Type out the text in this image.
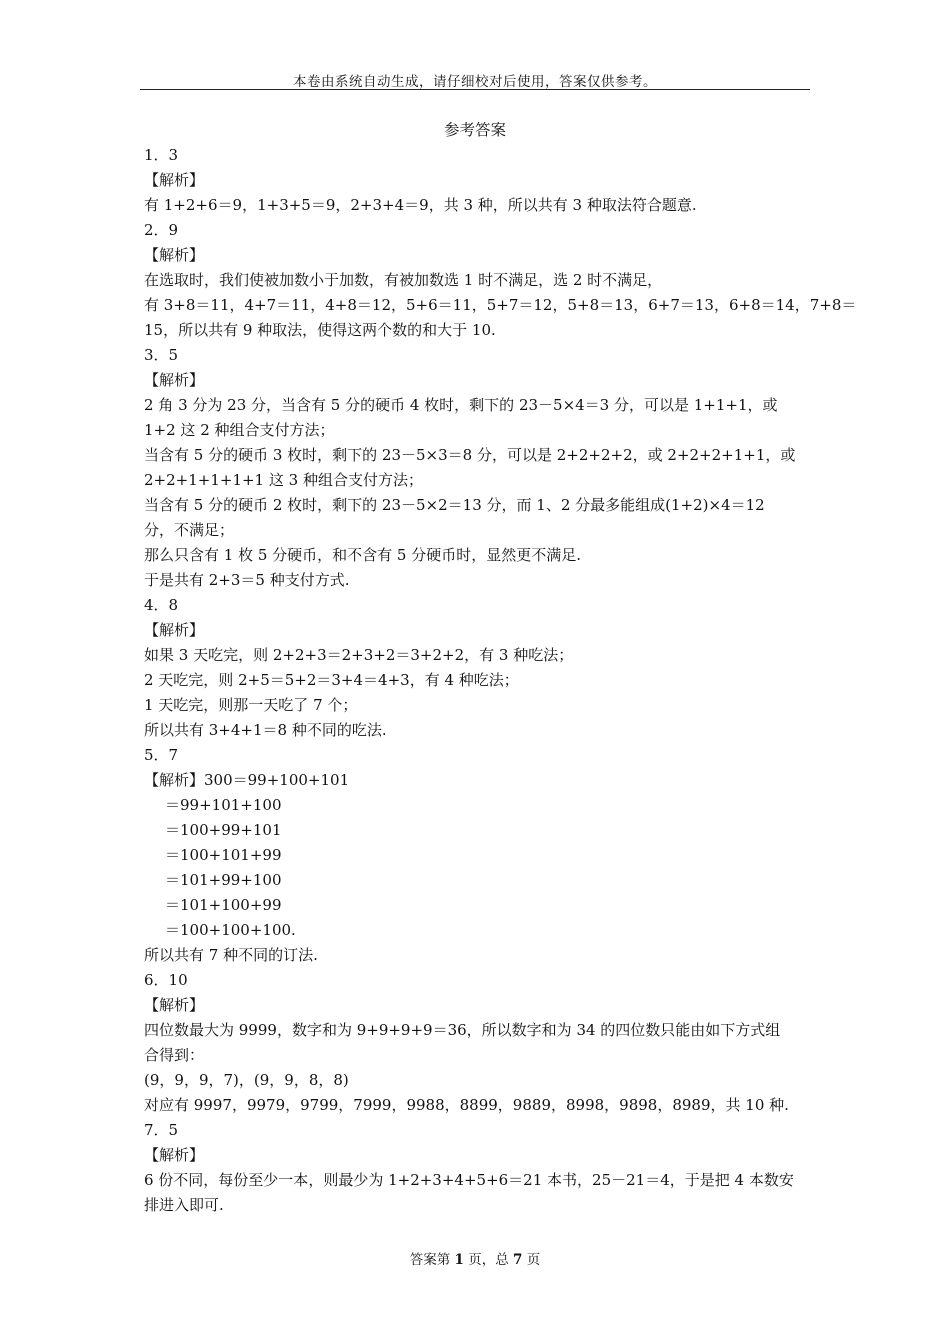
本卷由系统自动生成，请仔细校对后使用，答案仅供参考。
参考答案
1．3
【解析】
有 1+2+6＝9，1+3+5＝9，2+3+4＝9，共 3 种，所以共有 3 种取法符合题意.
2．9
【解析】
在选取时，我们使被加数小于加数，有被加数选 1 时不满足，选 2 时不满足，
有 3+8＝11，4+7＝11，4+8＝12，5+6＝11，5+7＝12，5+8＝13，6+7＝13，6+8＝14，7+8＝
15，所以共有 9 种取法，使得这两个数的和大于 10.
3．5
【解析】
2 角 3 分为 23 分，当含有 5 分的硬币 4 枚时，剩下的 23－5×4＝3 分，可以是 1+1+1，或
1+2 这 2 种组合支付方法；
当含有 5 分的硬币 3 枚时，剩下的 23－5×3＝8 分，可以是 2+2+2+2，或 2+2+2+1+1，或
2+2+1+1+1+1 这 3 种组合支付方法；
当含有 5 分的硬币 2 枚时，剩下的 23－5×2＝13 分，而 1、2 分最多能组成(1+2)×4＝12
分，不满足；
那么只含有 1 枚 5 分硬币，和不含有 5 分硬币时，显然更不满足.
于是共有 2+3＝5 种支付方式.
4．8
【解析】
如果 3 天吃完，则 2+2+3＝2+3+2＝3+2+2，有 3 种吃法；
2 天吃完，则 2+5＝5+2＝3+4＝4+3，有 4 种吃法；
1 天吃完，则那一天吃了 7 个；
所以共有 3+4+1＝8 种不同的吃法.
5．7
【解析】300＝99+100+101
＝99+101+100
＝100+99+101
＝100+101+99
＝101+99+100
＝101+100+99
＝100+100+100.
所以共有 7 种不同的订法.
6．10
【解析】
四位数最大为 9999，数字和为 9+9+9+9＝36，所以数字和为 34 的四位数只能由如下方式组
合得到：
(9，9，9，7)，(9，9，8，8)
对应有 9997，9979，9799，7999，9988，8899，9889，8998，9898，8989，共 10 种.
7．5
【解析】
6 份不同，每份至少一本，则最少为 1+2+3+4+5+6＝21 本书，25－21＝4，于是把 4 本数安
排进入即可.
答案第 1 页，总 7 页
